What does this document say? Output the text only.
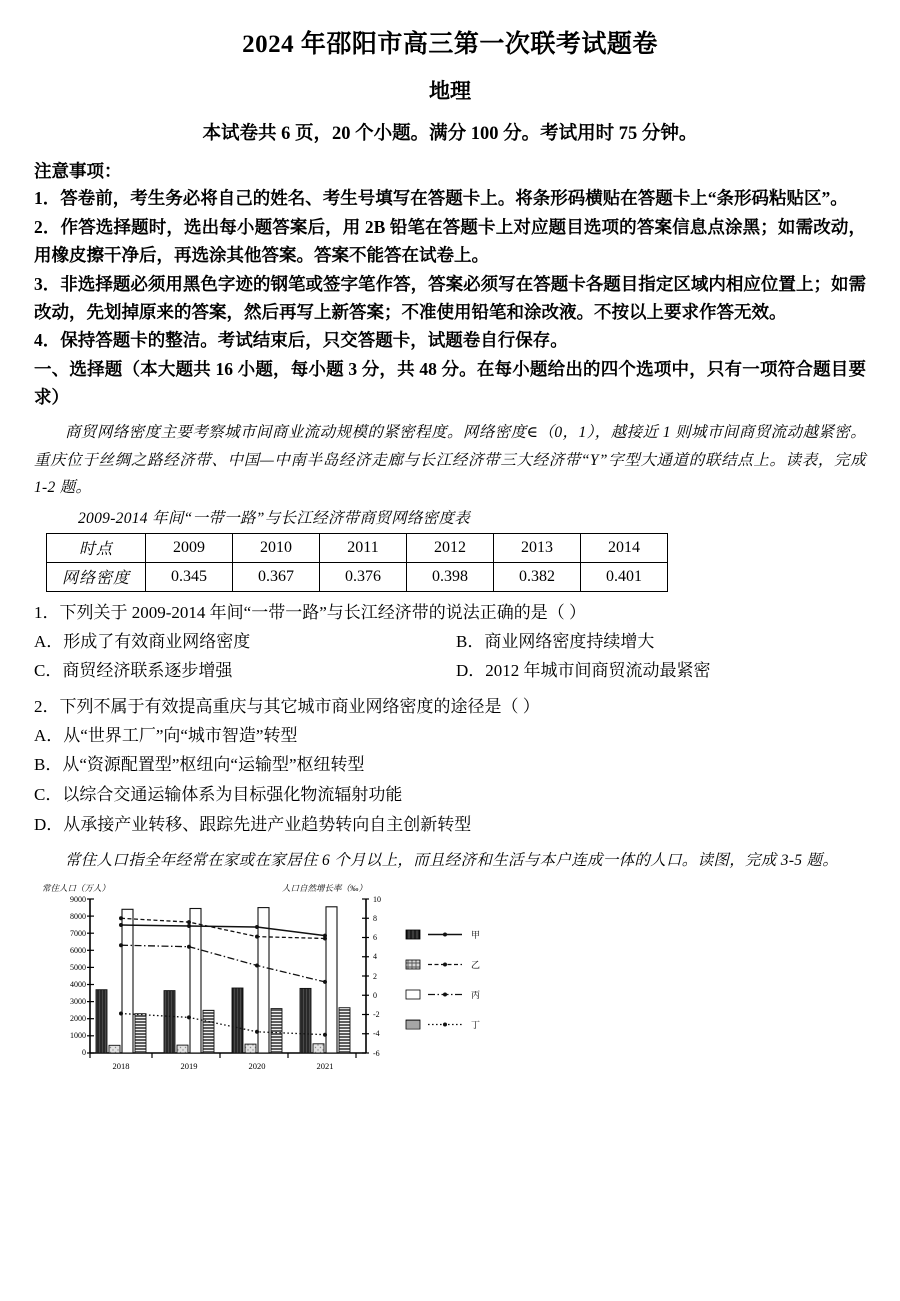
2024 年邵阳市高三第一次联考试题卷
地理

本试卷共 6 页，20 个小题。满分 100 分。考试用时 75 分钟。

注意事项：

1．答卷前，考生务必将自己的姓名、考生号填写在答题卡上。将条形码横贴在答题卡上“条形码粘贴区”。

2．作答选择题时，选出每小题答案后，用 2B 铅笔在答题卡上对应题目选项的答案信息点涂黑；如需改动，用橡皮擦干净后，再选涂其他答案。答案不能答在试卷上。

3．非选择题必须用黑色字迹的钢笔或签字笔作答，答案必须写在答题卡各题目指定区域内相应位置上；如需改动，先划掉原来的答案，然后再写上新答案；不准使用铅笔和涂改液。不按以上要求作答无效。

4．保持答题卡的整洁。考试结束后，只交答题卡，试题卷自行保存。

一、选择题（本大题共 16 小题，每小题 3 分，共 48 分。在每小题给出的四个选项中，只有一项符合题目要求）

商贸网络密度主要考察城市间商业流动规模的紧密程度。网络密度∈（0，1），越接近 1 则城市间商贸流动越紧密。重庆位于丝绸之路经济带、中国—中南半岛经济走廊与长江经济带三大经济带“Y”字型大通道的联结点上。读表，完成 1-2 题。

2009-2014 年间“一带一路”与长江经济带商贸网络密度表

时点	2009	2010	2011	2012	2013	2014
网络密度	0.345	0.367	0.376	0.398	0.382	0.401

1．下列关于 2009-2014 年间“一带一路”与长江经济带的说法正确的是（ ）

A．形成了有效商业网络密度	B．商业网络密度持续增大
C．商贸经济联系逐步增强	D．2012 年城市间商贸流动最紧密

2．下列不属于有效提高重庆与其它城市商业网络密度的途径是（ ）

A．从“世界工厂”向“城市智造”转型

B．从“资源配置型”枢纽向“运输型”枢纽转型

C．以综合交通运输体系为目标强化物流辐射功能

D．从承接产业转移、跟踪先进产业趋势转向自主创新转型

常住人口指全年经常在家或在家居住 6 个月以上，而且经济和生活与本户连成一体的人口。读图，完成 3-5 题。

常住人口（万人）	人口自然增长率（‰）
9000
8000
7000
6000
5000
4000
3000
2000
1000
0
10
8
6
4
2
0
-2
-4
-6
2018	2019	2020	2021
甲
乙
丙
丁
